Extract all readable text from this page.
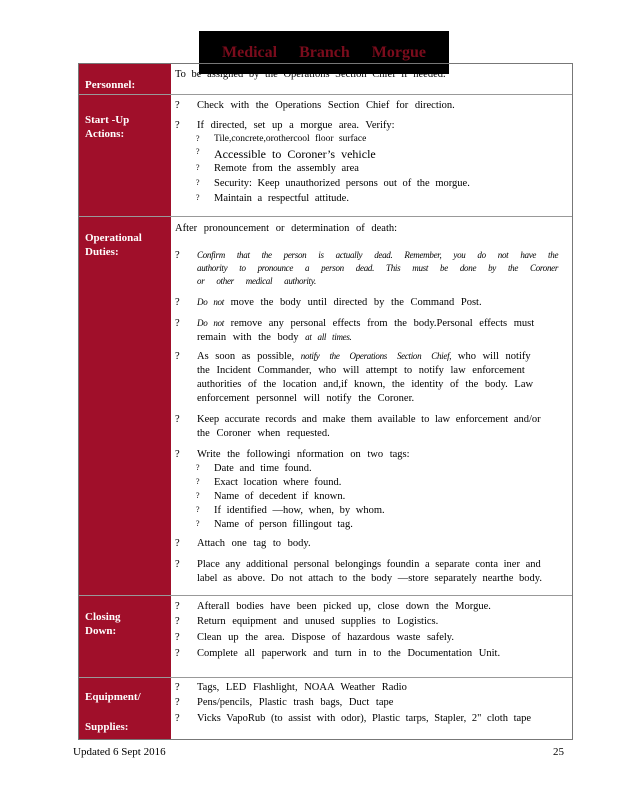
Medical Branch Morgue
Personnel:
To be assigned by the Operations Section Chief if needed.
Start -Up
Actions:
? Check with the Operations Section Chief for direction.
? If directed, set up a morgue area. Verify:
? Tile,concrete,orothercool floor surface
? Accessible to Coroner’s vehicle
? Remote from the assembly area
? Security: Keep unauthorized persons out of the morgue.
? Maintain a respectful attitude.
Operational
Duties:
After pronouncement or determination of death:
? Confirm that the person is actually dead. Remember, you do not have the
authority to pronounce a person dead. This must be done by the Coroner
or other medical authority.
? Do not move the body until directed by the Command Post.
? Do not remove any personal effects from the body.Personal effects must
remain with the body at all times.
? As soon as possible, notify the Operations Section Chief, who will notify
the Incident Commander, who will attempt to notify law enforcement
authorities of the location and,if known, the identity of the body. Law
enforcement personnel will notify the Coroner.
? Keep accurate records and make them available to law enforcement and/or
the Coroner when requested.
? Write the followingi nformation on two tags:
? Date and time found.
? Exact location where found.
? Name of decedent if known.
? If identified —how, when, by whom.
? Name of person fillingout tag.
? Attach one tag to body.
? Place any additional personal belongings foundin a separate conta iner and
label as above. Do not attach to the body —store separately nearthe body.
Closing
Down:
? Afterall bodies have been picked up, close down the Morgue.
? Return equipment and unused supplies to Logistics.
? Clean up the area. Dispose of hazardous waste safely.
? Complete all paperwork and turn in to the Documentation Unit.
Equipment/
Supplies:
? Tags, LED Flashlight, NOAA Weather Radio
? Pens/pencils, Plastic trash bags, Duct tape
? Vicks VapoRub (to assist with odor), Plastic tarps, Stapler, 2" cloth tape
Updated 6 Sept 2016	25
